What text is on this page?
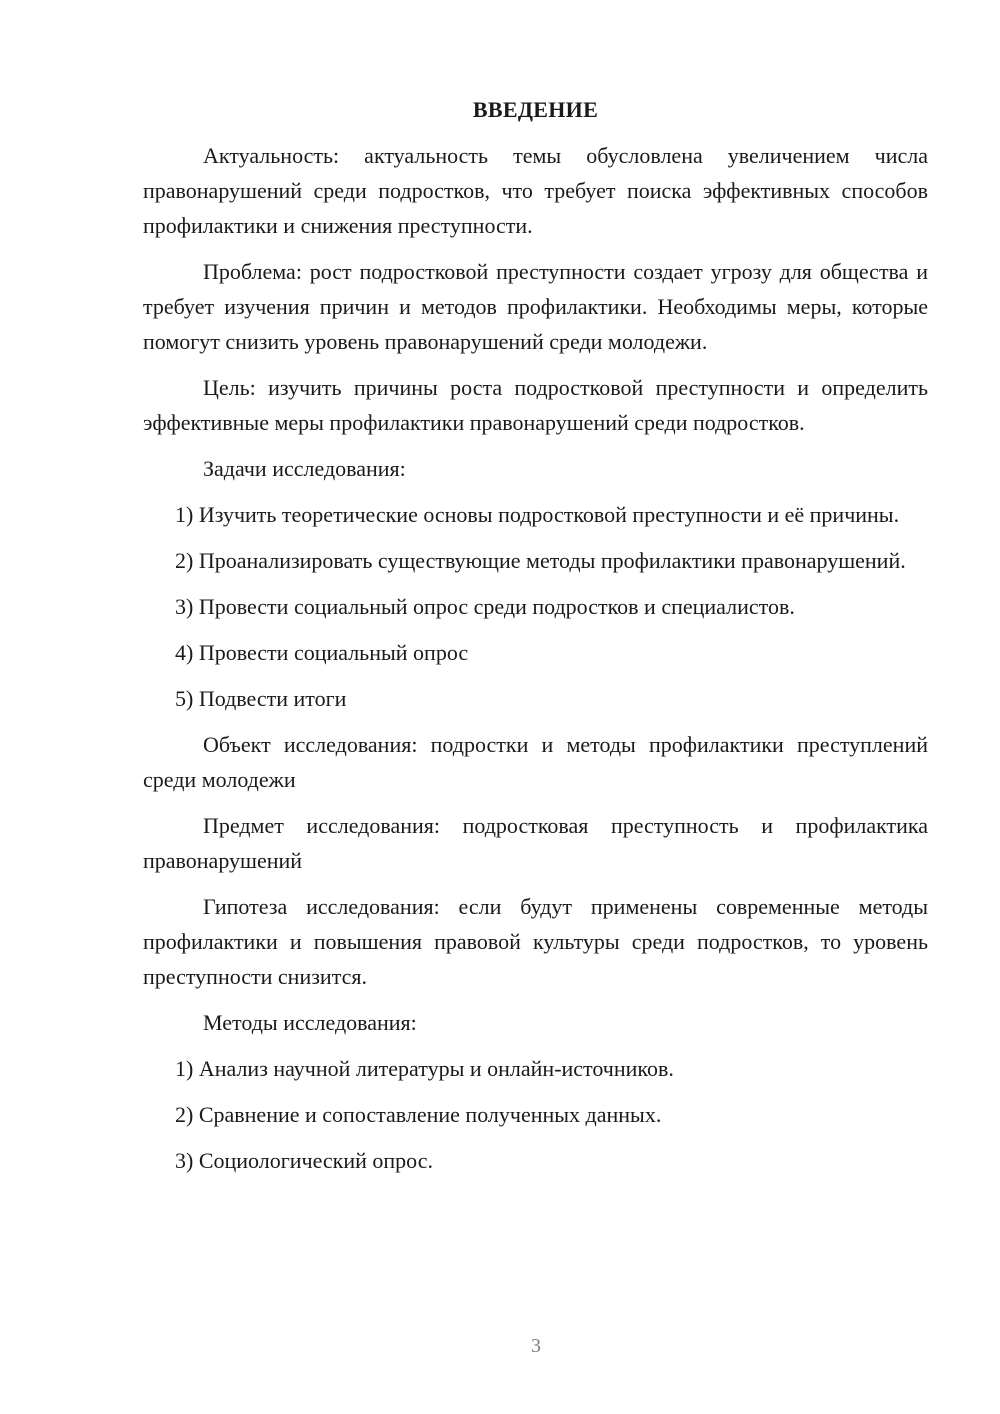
ВВЕДЕНИЕ

Актуальность: актуальность темы обусловлена увеличением числа правонарушений среди подростков, что требует поиска эффективных способов профилактики и снижения преступности.

Проблема: рост подростковой преступности создает угрозу для общества и требует изучения причин и методов профилактики. Необходимы меры, которые помогут снизить уровень правонарушений среди молодежи.

Цель: изучить причины роста подростковой преступности и определить эффективные меры профилактики правонарушений среди подростков.

Задачи исследования:

1) Изучить теоретические основы подростковой преступности и её причины.

2) Проанализировать существующие методы профилактики правонарушений.

3) Провести социальный опрос среди подростков и специалистов.

4) Провести социальный опрос

5) Подвести итоги

Объект исследования: подростки и методы профилактики преступлений среди молодежи

Предмет исследования: подростковая преступность и профилактика правонарушений

Гипотеза исследования: если будут применены современные методы профилактики и повышения правовой культуры среди подростков, то уровень преступности снизится.

Методы исследования:

1) Анализ научной литературы и онлайн-источников.

2) Сравнение и сопоставление полученных данных.

3) Социологический опрос.

3
